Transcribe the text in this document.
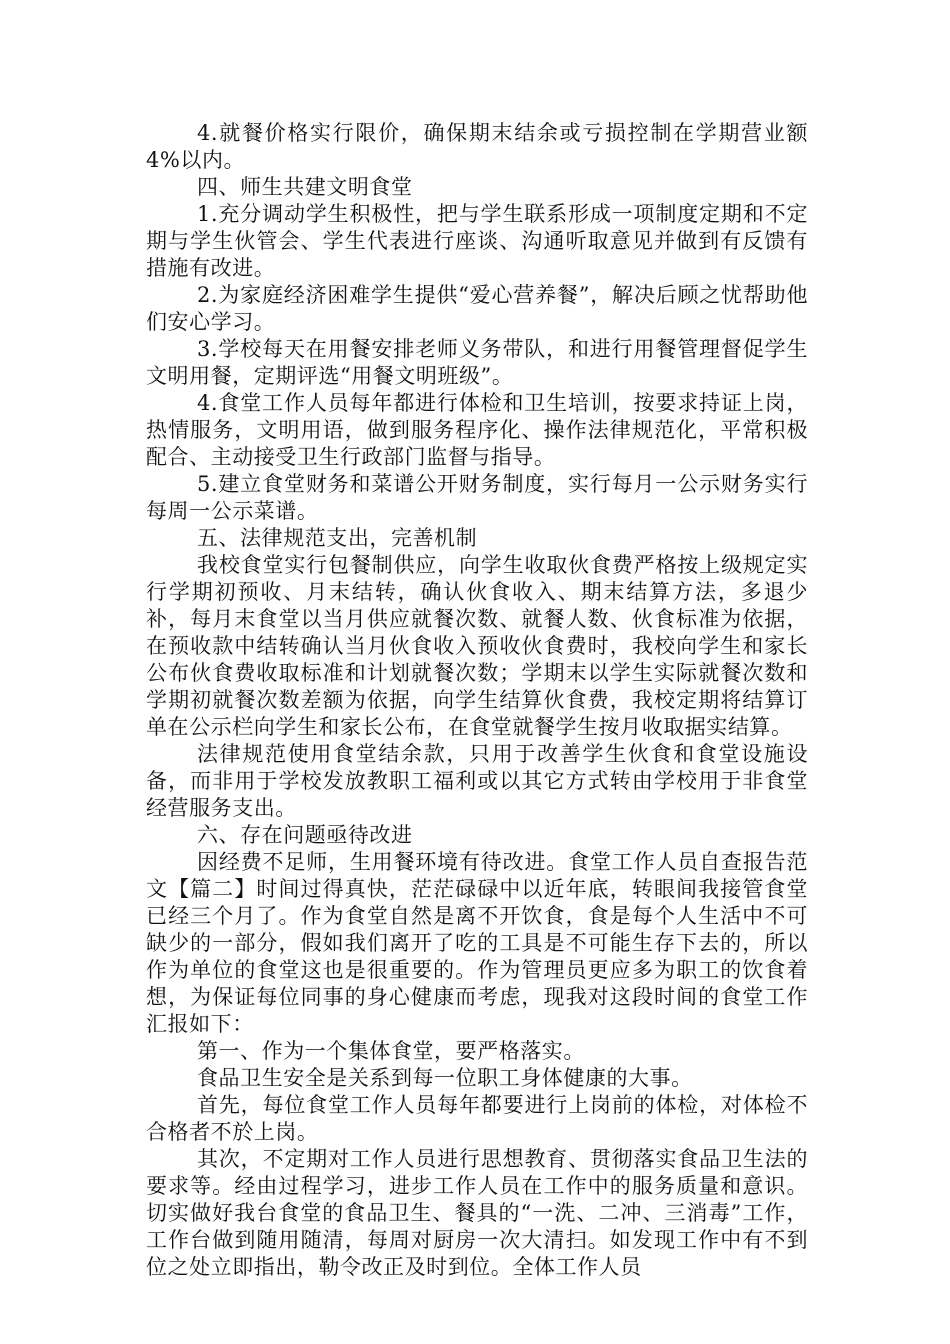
4.就餐价格实行限价，确保期末结余或亏损控制在学期营业额4%以内。

四、师生共建文明食堂

1.充分调动学生积极性，把与学生联系形成一项制度定期和不定期与学生伙管会、学生代表进行座谈、沟通听取意见并做到有反馈有措施有改进。

2.为家庭经济困难学生提供“爱心营养餐”，解决后顾之忧帮助他们安心学习。

3.学校每天在用餐安排老师义务带队，和进行用餐管理督促学生文明用餐，定期评选“用餐文明班级”。

4.食堂工作人员每年都进行体检和卫生培训，按要求持证上岗，热情服务，文明用语，做到服务程序化、操作法律规范化，平常积极配合、主动接受卫生行政部门监督与指导。

5.建立食堂财务和菜谱公开财务制度，实行每月一公示财务实行每周一公示菜谱。

五、法律规范支出，完善机制

我校食堂实行包餐制供应，向学生收取伙食费严格按上级规定实行学期初预收、月末结转，确认伙食收入、期末结算方法，多退少补，每月末食堂以当月供应就餐次数、就餐人数、伙食标准为依据，在预收款中结转确认当月伙食收入预收伙食费时，我校向学生和家长公布伙食费收取标准和计划就餐次数；学期末以学生实际就餐次数和学期初就餐次数差额为依据，向学生结算伙食费，我校定期将结算订单在公示栏向学生和家长公布，在食堂就餐学生按月收取据实结算。

法律规范使用食堂结余款，只用于改善学生伙食和食堂设施设备，而非用于学校发放教职工福利或以其它方式转由学校用于非食堂经营服务支出。

六、存在问题亟待改进

因经费不足师，生用餐环境有待改进。食堂工作人员自查报告范文【篇二】时间过得真快，茫茫碌碌中以近年底，转眼间我接管食堂已经三个月了。作为食堂自然是离不开饮食，食是每个人生活中不可缺少的一部分，假如我们离开了吃的工具是不可能生存下去的，所以作为单位的食堂这也是很重要的。作为管理员更应多为职工的饮食着想，为保证每位同事的身心健康而考虑，现我对这段时间的食堂工作汇报如下：

第一、作为一个集体食堂，要严格落实。

食品卫生安全是关系到每一位职工身体健康的大事。

首先，每位食堂工作人员每年都要进行上岗前的体检，对体检不合格者不於上岗。

其次，不定期对工作人员进行思想教育、贯彻落实食品卫生法的要求等。经由过程学习，进步工作人员在工作中的服务质量和意识。切实做好我台食堂的食品卫生、餐具的“一洗、二冲、三消毒”工作，工作台做到随用随清，每周对厨房一次大清扫。如发现工作中有不到位之处立即指出，勒令改正及时到位。全体工作人员
